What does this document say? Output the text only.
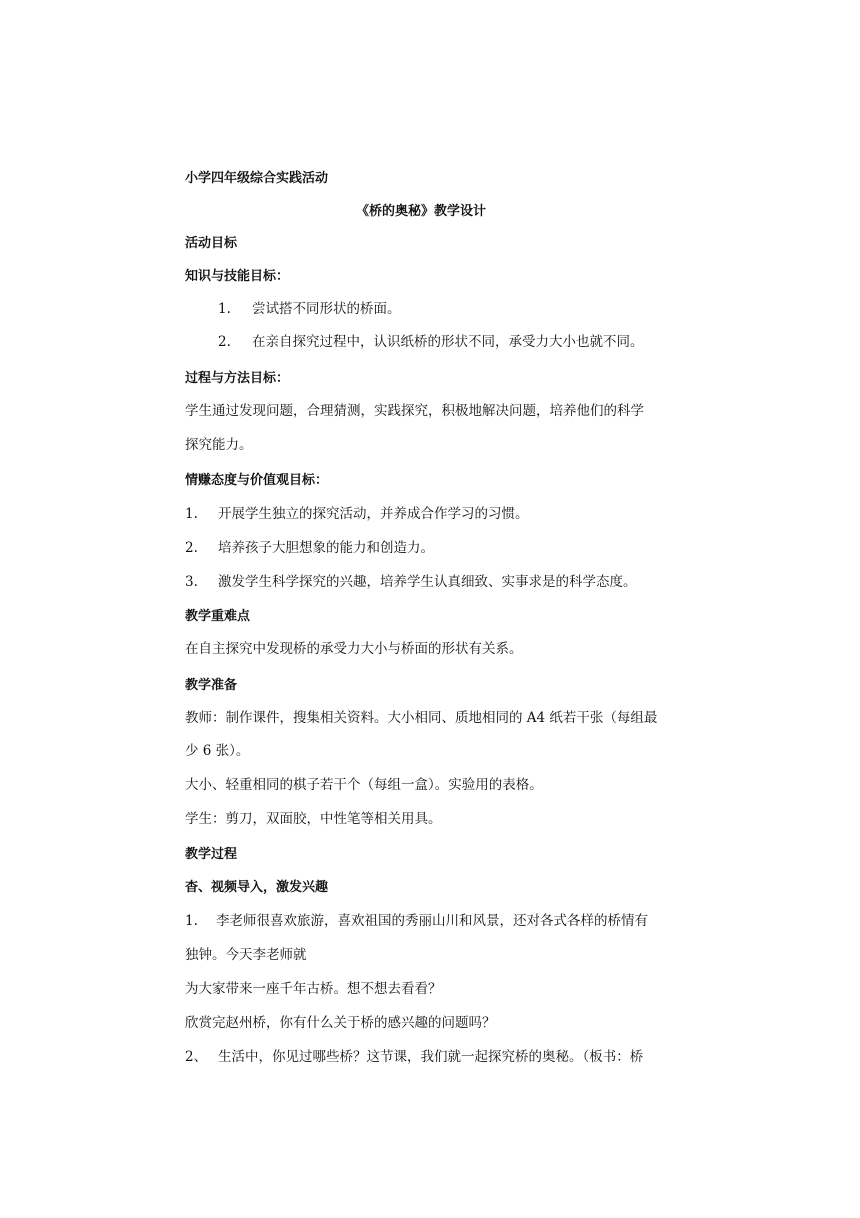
小学四年级综合实践活动
《桥的奥秘》教学设计
活动目标
知识与技能目标：
1. 尝试搭不同形状的桥面。
2. 在亲自探究过程中，认识纸桥的形状不同，承受力大小也就不同。
过程与方法目标：
学生通过发现问题，合理猜测，实践探究，积极地解决问题，培养他们的科学
探究能力。
情赚态度与价值观目标：
1. 开展学生独立的探究活动，并养成合作学习的习惯。
2. 培养孩子大胆想象的能力和创造力。
3. 激发学生科学探究的兴趣，培养学生认真细致、实事求是的科学态度。
教学重难点
在自主探究中发现桥的承受力大小与桥面的形状有关系。
教学准备
教师：制作课件，搜集相关资料。大小相同、质地相同的 A4 纸若干张（每组最
少 6 张）。
大小、轻重相同的棋子若干个（每组一盒）。实验用的表格。
学生：剪刀，双面胶，中性笔等相关用具。
教学过程
杳、视频导入，激发兴趣
1. 李老师很喜欢旅游，喜欢祖国的秀丽山川和风景，还对各式各样的桥情有
独钟。今天李老师就
为大家带来一座千年古桥。想不想去看看？
欣赏完赵州桥，你有什么关于桥的感兴趣的问题吗？
2、 生活中，你见过哪些桥？这节课，我们就一起探究桥的奥秘。（板书：桥
